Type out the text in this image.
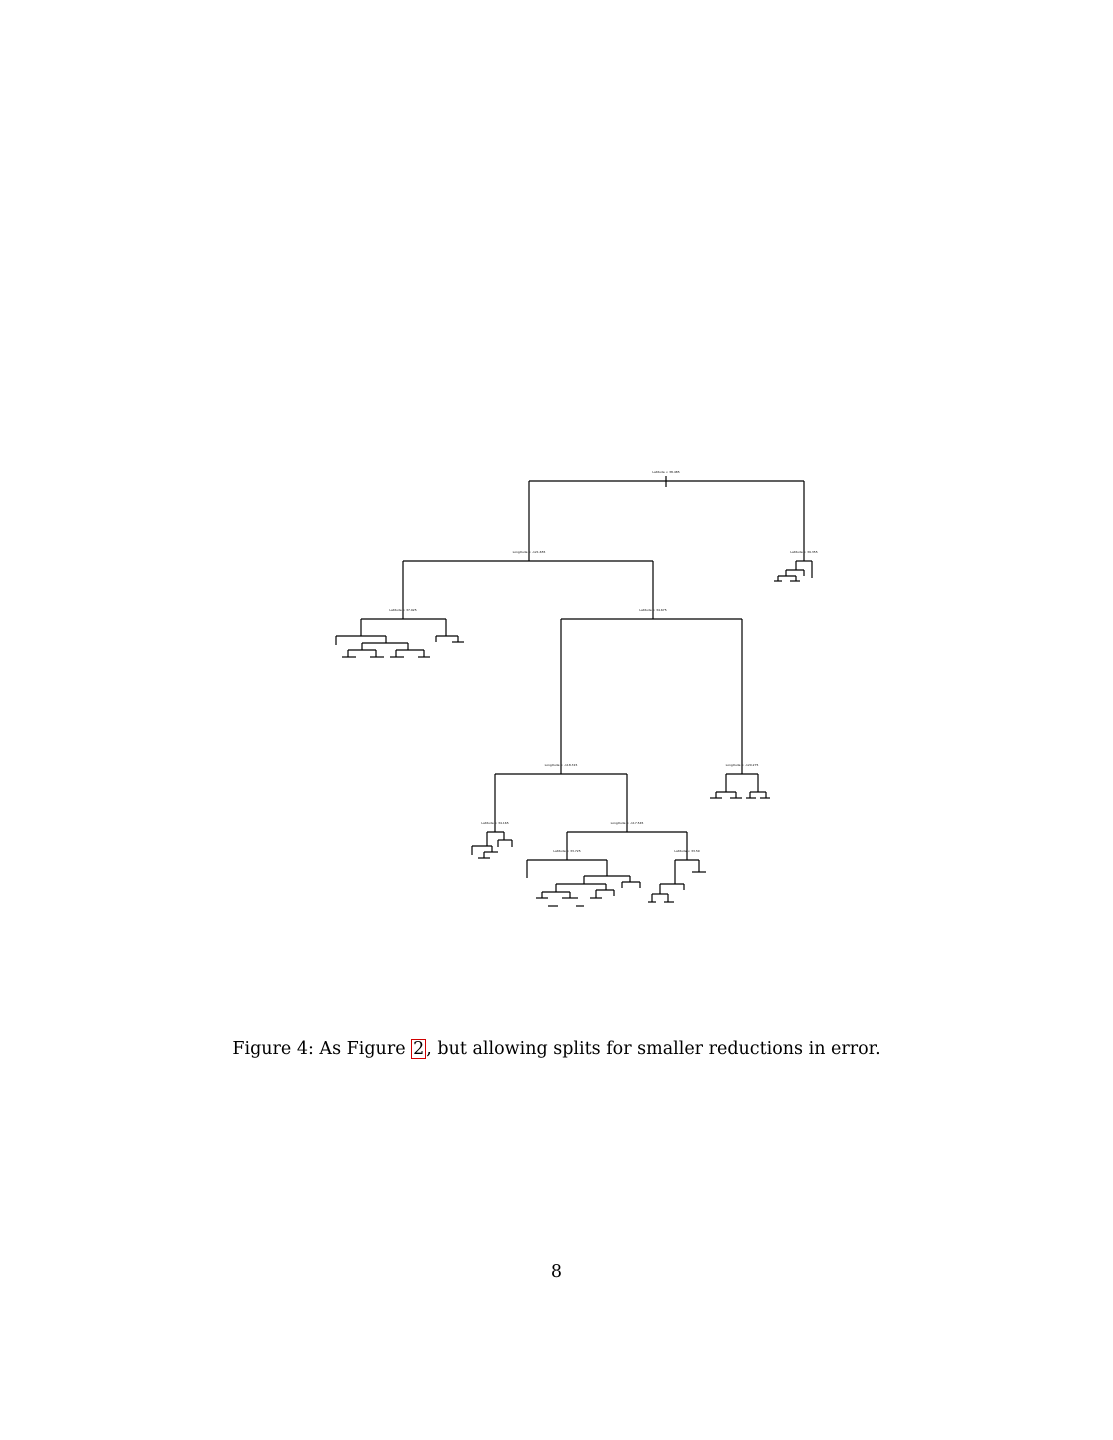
Latitude < 38.485
Longitude < -121.655	Latitude < 39.355
Latitude < 37.925	Latitude < 34.675
Longitude < -120.275
Longitude < -118.315
Latitude < 34.165	Longitude < -117.545
Latitude < 33.725	Latitude < 33.59
Figure 4: As Figure 2 , but allowing splits for smaller reductions in error.
8
